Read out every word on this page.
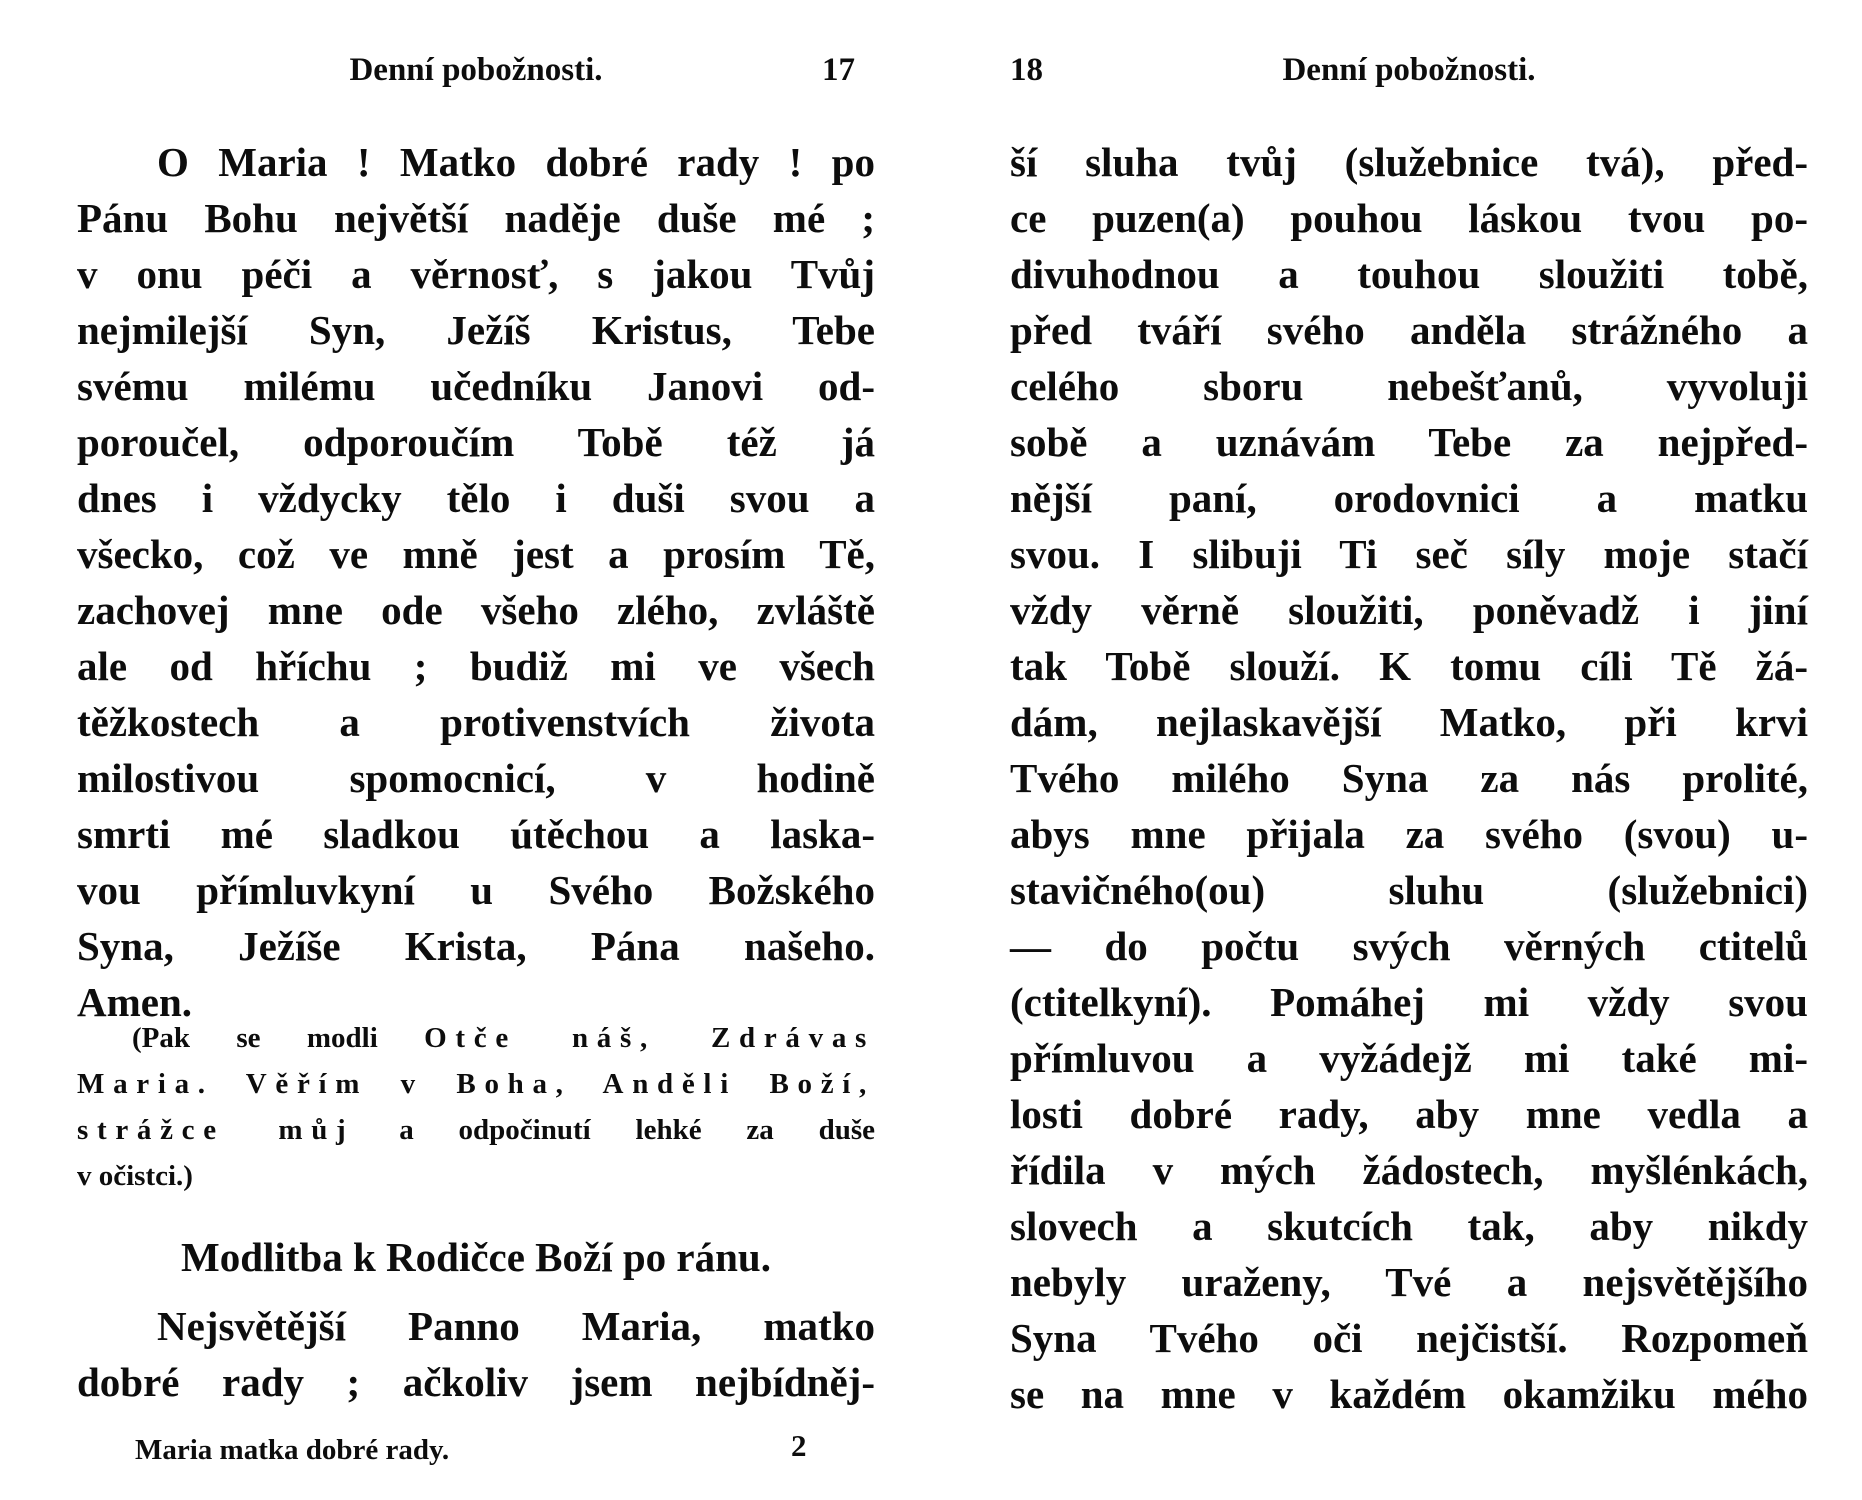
Denní pobožnosti.	17
O Maria ! Matko dobré rady ! po
Pánu Bohu největší naděje duše mé ;
v onu péči a věrnosť, s jakou Tvůj
nejmilejší Syn, Ježíš Kristus, Tebe
svému milému učedníku Janovi od-
poroučel, odporoučím Tobě též já
dnes i vždycky tělo i duši svou a
všecko, což ve mně jest a prosím Tě,
zachovej mne ode všeho zlého, zvláště
ale od hříchu ; budiž mi ve všech
těžkostech a protivenstvích života
milostivou spomocnicí, v hodině
smrti mé sladkou útěchou a laska-
vou přímluvkyní u Svého Božského
Syna, Ježíše Krista, Pána našeho.
Amen.
(Pak se modli Otče náš, Zdrávas
Maria. Věřím v Boha, Anděli Boží,
strážce můj a odpočinutí lehké za duše
v očistci.)
Modlitba k Rodičce Boží po ránu.
Nejsvětější Panno Maria, matko
dobré rady ; ačkoliv jsem nejbídněj-
Maria matka dobré rady.	2
18	Denní pobožnosti.
ší sluha tvůj (služebnice tvá), před-
ce puzen(a) pouhou láskou tvou po-
divuhodnou a touhou sloužiti tobě,
před tváří svého anděla strážného a
celého sboru nebešťanů, vyvoluji
sobě a uznávám Tebe za nejpřed-
nější paní, orodovnici a matku
svou. I slibuji Ti seč síly moje stačí
vždy věrně sloužiti, poněvadž i jiní
tak Tobě slouží. K tomu cíli Tě žá-
dám, nejlaskavější Matko, při krvi
Tvého milého Syna za nás prolité,
abys mne přijala za svého (svou) u-
stavičného(ou) sluhu (služebnici)
— do počtu svých věrných ctitelů
(ctitelkyní). Pomáhej mi vždy svou
přímluvou a vyžádejž mi také mi-
losti dobré rady, aby mne vedla a
řídila v mých žádostech, myšlénkách,
slovech a skutcích tak, aby nikdy
nebyly uraženy, Tvé a nejsvětějšího
Syna Tvého oči nejčistší. Rozpomeň
se na mne v každém okamžiku mého
